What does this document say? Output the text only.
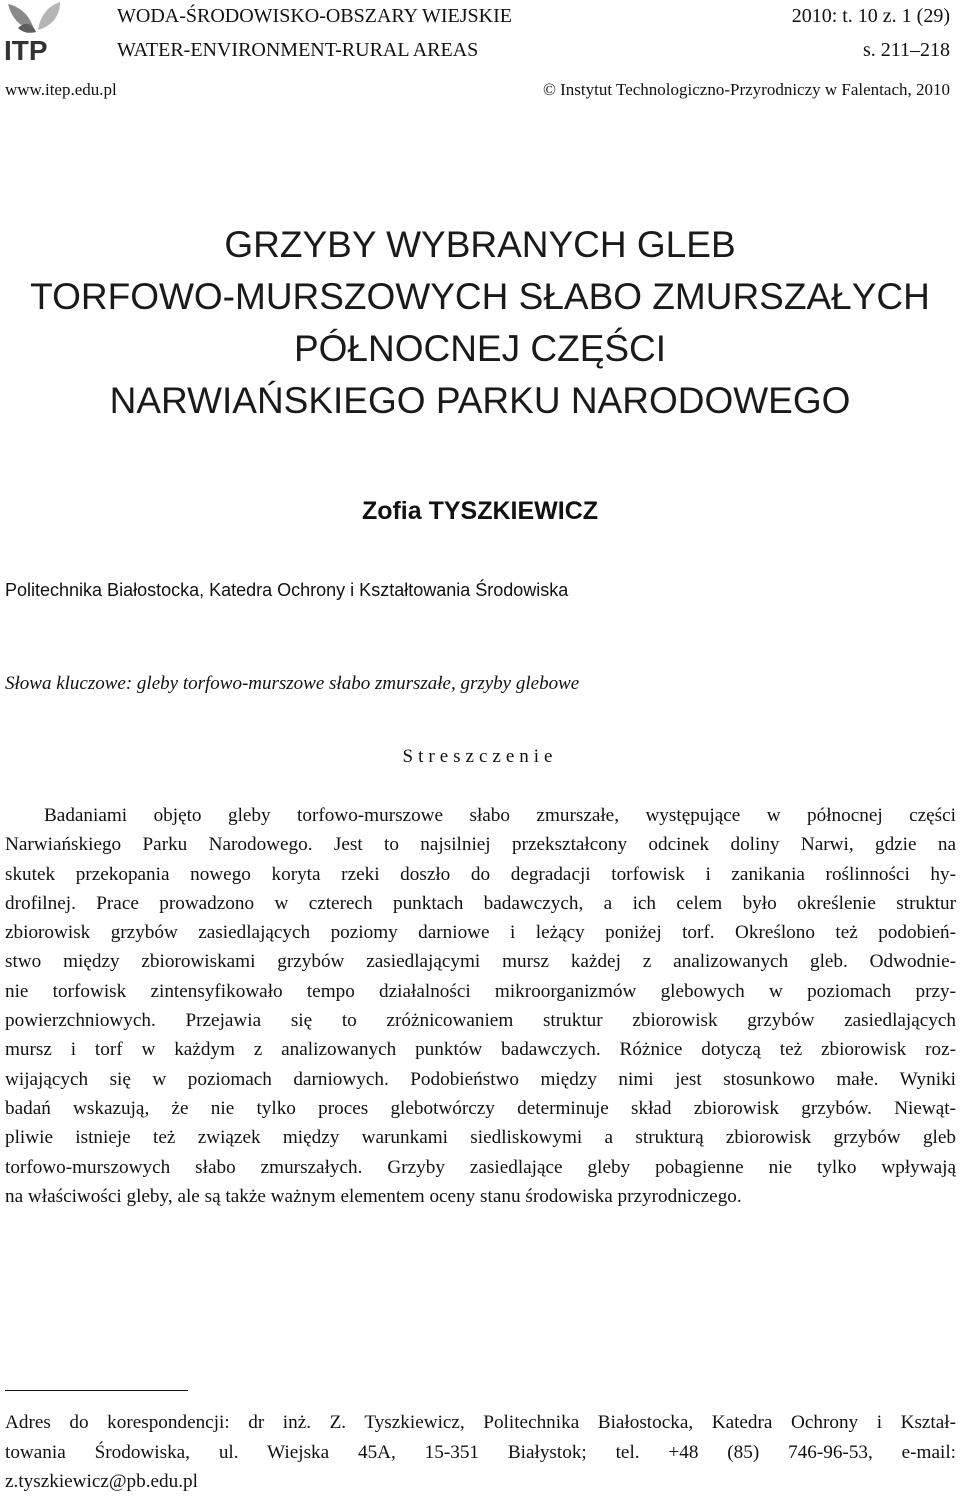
ITP
WODA-ŚRODOWISKO-OBSZARY WIEJSKIE
WATER-ENVIRONMENT-RURAL AREAS
2010: t. 10 z. 1 (29)
s. 211–218
www.itep.edu.pl	© Instytut Technologiczno-Przyrodniczy w Falentach, 2010
GRZYBY WYBRANYCH GLEB
TORFOWO-MURSZOWYCH SŁABO ZMURSZAŁYCH
PÓŁNOCNEJ CZĘŚCI
NARWIAŃSKIEGO PARKU NARODOWEGO
Zofia TYSZKIEWICZ
Politechnika Białostocka, Katedra Ochrony i Kształtowania Środowiska
Słowa kluczowe: gleby torfowo-murszowe słabo zmurszałe, grzyby glebowe
Streszczenie
Badaniami objęto gleby torfowo-murszowe słabo zmurszałe, występujące w północnej części
Narwiańskiego Parku Narodowego. Jest to najsilniej przekształcony odcinek doliny Narwi, gdzie na
skutek przekopania nowego koryta rzeki doszło do degradacji torfowisk i zanikania roślinności hy-
drofilnej. Prace prowadzono w czterech punktach badawczych, a ich celem było określenie struktur
zbiorowisk grzybów zasiedlających poziomy darniowe i leżący poniżej torf. Określono też podobień-
stwo między zbiorowiskami grzybów zasiedlającymi mursz każdej z analizowanych gleb. Odwodnie-
nie torfowisk zintensyfikowało tempo działalności mikroorganizmów glebowych w poziomach przy-
powierzchniowych. Przejawia się to zróżnicowaniem struktur zbiorowisk grzybów zasiedlających
mursz i torf w każdym z analizowanych punktów badawczych. Różnice dotyczą też zbiorowisk roz-
wijających się w poziomach darniowych. Podobieństwo między nimi jest stosunkowo małe. Wyniki
badań wskazują, że nie tylko proces glebotwórczy determinuje skład zbiorowisk grzybów. Niewąt-
pliwie istnieje też związek między warunkami siedliskowymi a strukturą zbiorowisk grzybów gleb
torfowo-murszowych słabo zmurszałych. Grzyby zasiedlające gleby pobagienne nie tylko wpływają
na właściwości gleby, ale są także ważnym elementem oceny stanu środowiska przyrodniczego.
Adres do korespondencji: dr inż. Z. Tyszkiewicz, Politechnika Białostocka, Katedra Ochrony i Kształ-
towania Środowiska, ul. Wiejska 45A, 15-351 Białystok; tel. +48 (85) 746-96-53, e-mail:
z.tyszkiewicz@pb.edu.pl
